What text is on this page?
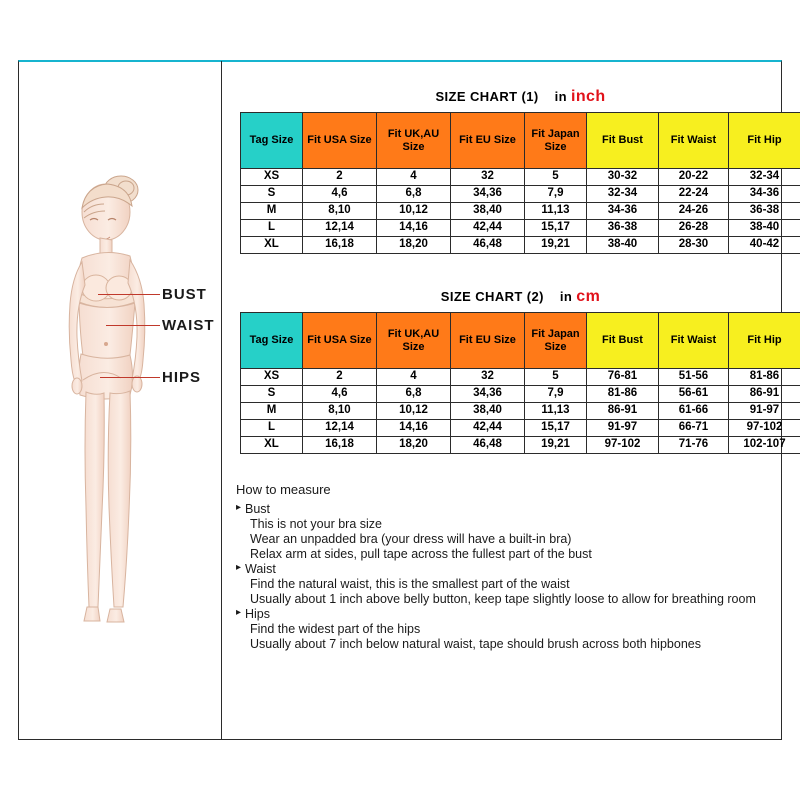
BUST
WAIST
HIPS
SIZE CHART (1) in inch
Tag Size	Fit USA Size	Fit UK,AU Size	Fit EU Size	Fit Japan Size	Fit Bust	Fit Waist	Fit Hip
XS	2	4	32	5	30-32	20-22	32-34
S	4,6	6,8	34,36	7,9	32-34	22-24	34-36
M	8,10	10,12	38,40	11,13	34-36	24-26	36-38
L	12,14	14,16	42,44	15,17	36-38	26-28	38-40
XL	16,18	18,20	46,48	19,21	38-40	28-30	40-42
SIZE CHART (2) in cm
Tag Size	Fit USA Size	Fit UK,AU Size	Fit EU Size	Fit Japan Size	Fit Bust	Fit Waist	Fit Hip
XS	2	4	32	5	76-81	51-56	81-86
S	4,6	6,8	34,36	7,9	81-86	56-61	86-91
M	8,10	10,12	38,40	11,13	86-91	61-66	91-97
L	12,14	14,16	42,44	15,17	91-97	66-71	97-102
XL	16,18	18,20	46,48	19,21	97-102	71-76	102-107
How to measure
▸ Bust
This is not your bra size
Wear an unpadded bra (your dress will have a built-in bra)
Relax arm at sides, pull tape across the fullest part of the bust
▸ Waist
Find the natural waist, this is the smallest part of the waist
Usually about 1 inch above belly button, keep tape slightly loose to allow for breathing room
▸ Hips
Find the widest part of the hips
Usually about 7 inch below natural waist, tape should brush across both hipbones
